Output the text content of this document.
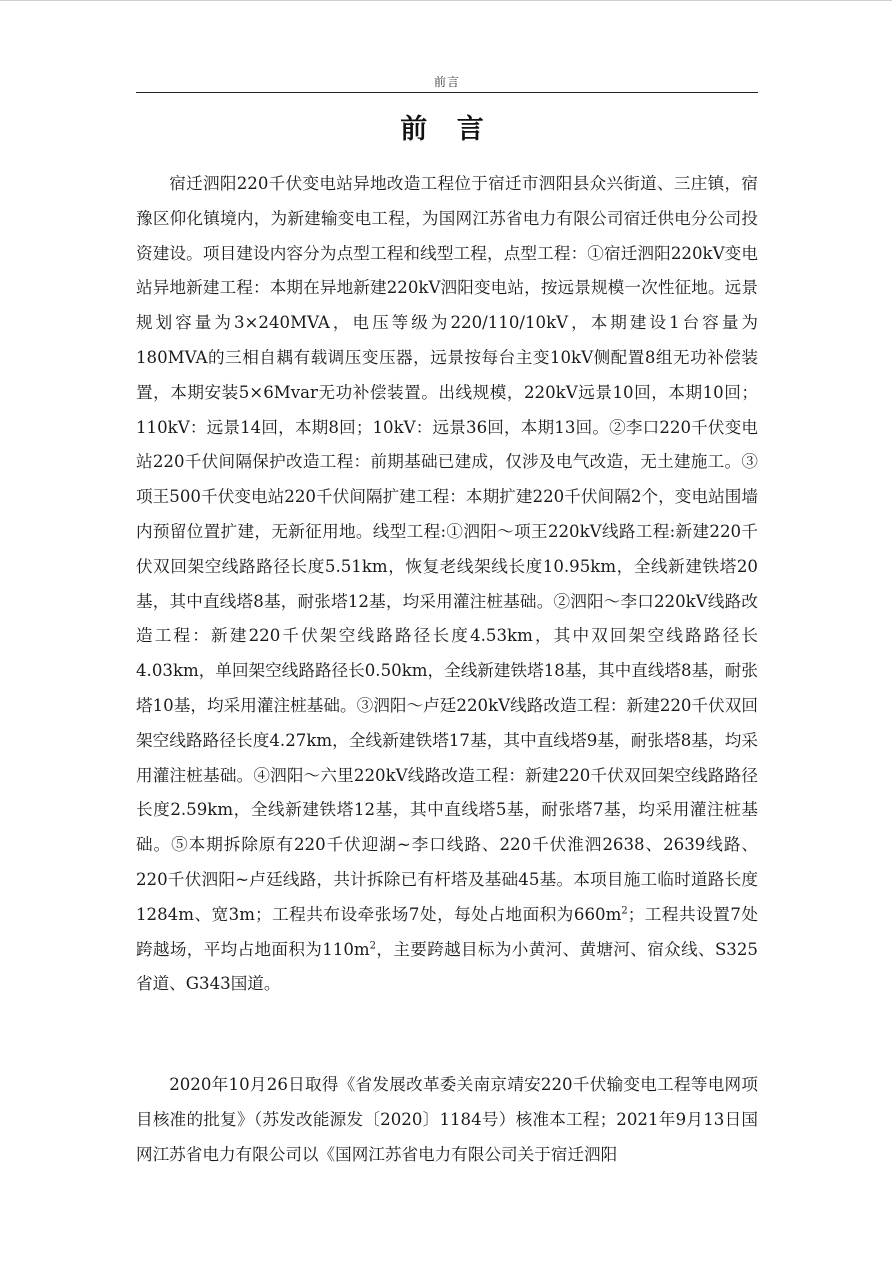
前言
前 言

宿迁泗阳220千伏变电站异地改造工程位于宿迁市泗阳县众兴街道、三庄镇，宿豫区仰化镇境内，为新建输变电工程，为国网江苏省电力有限公司宿迁供电分公司投资建设。项目建设内容分为点型工程和线型工程，点型工程：①宿迁泗阳220kV变电站异地新建工程：本期在异地新建220kV泗阳变电站，按远景规模一次性征地。远景规划容量为3×240MVA，电压等级为220/110/10kV，本期建设1台容量为180MVA的三相自耦有载调压变压器，远景按每台主变10kV侧配置8组无功补偿装置，本期安装5×6Mvar无功补偿装置。出线规模，220kV远景10回，本期10回；110kV：远景14回，本期8回；10kV：远景36回，本期13回。②李口220千伏变电站220千伏间隔保护改造工程：前期基础已建成，仅涉及电气改造，无土建施工。③项王500千伏变电站220千伏间隔扩建工程：本期扩建220千伏间隔2个，变电站围墙内预留位置扩建，无新征用地。线型工程:①泗阳～项王220kV线路工程:新建220千伏双回架空线路路径长度5.51km，恢复老线架线长度10.95km，全线新建铁塔20基，其中直线塔8基，耐张塔12基，均采用灌注桩基础。②泗阳～李口220kV线路改造工程：新建220千伏架空线路路径长度4.53km，其中双回架空线路路径长4.03km，单回架空线路路径长0.50km，全线新建铁塔18基，其中直线塔8基，耐张塔10基，均采用灌注桩基础。③泗阳～卢廷220kV线路改造工程：新建220千伏双回架空线路路径长度4.27km，全线新建铁塔17基，其中直线塔9基，耐张塔8基，均采用灌注桩基础。④泗阳～六里220kV线路改造工程：新建220千伏双回架空线路路径长度2.59km，全线新建铁塔12基，其中直线塔5基，耐张塔7基，均采用灌注桩基础。⑤本期拆除原有220千伏迎湖~李口线路、220千伏淮泗2638、2639线路、220千伏泗阳~卢廷线路，共计拆除已有杆塔及基础45基。本项目施工临时道路长度1284m、宽3m；工程共布设牵张场7处，每处占地面积为$660m^2$；工程共设置7处跨越场，平均占地面积为$110m^2$，主要跨越目标为小黄河、黄塘河、宿众线、S325省道、G343国道。

2020年10月26日取得《省发展改革委关南京靖安220千伏输变电工程等电网项目核准的批复》（苏发改能源发〔2020〕1184号）核准本工程；2021年9月13日国网江苏省电力有限公司以《国网江苏省电力有限公司关于宿迁泗阳
